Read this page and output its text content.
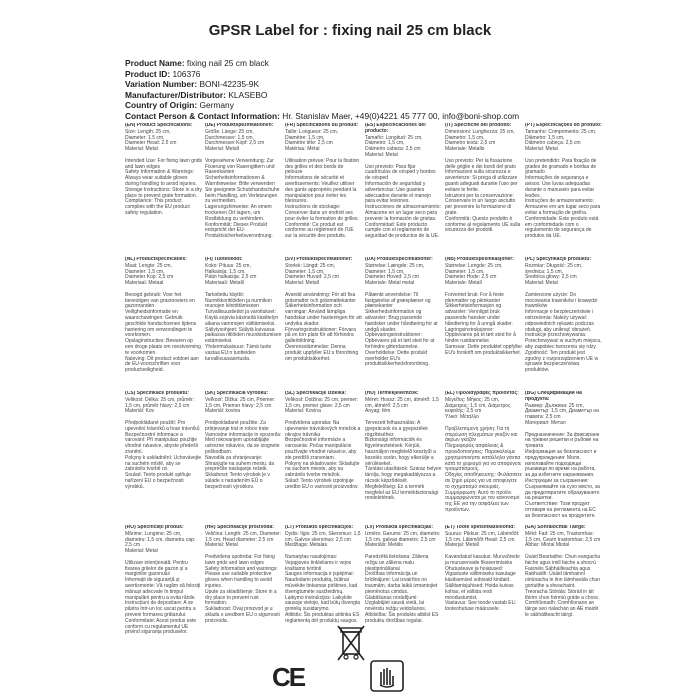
GPSR Label for : fixing nail 25 cm black
Product Name: fixing nail 25 cm black
Product ID: 106376
Variation Number: BONI-42235-9K
Manufacturer/Distributor: KLASEBO
Country of Origin: Germany
Contact Person & Contact Information: Hr. Stanislav Maer, +49(0)4221 45 777 00, info@boni-shop.com
(EN) Product Specifications:
Size: Length: 25 cm,
Diameter: 1.5 cm,
Diameter Head: 2.5 cm
Material: Metal

Intended Use: For fixing lawn grids and lawn edges
Safety Information & Warnings: Always wear suitable gloves during handling to avoid injuries.
Storage Instructions: Store in a dry place to prevent grate formation.
Compliance: This product complies with the EU product safety regulation.
(DE) Produktspezifikationen:
Größe: Länge: 25 cm,
Durchmesser: 1,5 cm,
Durchmesser Kopf: 2,5 cm
Material: Metall

Vorgesehene Verwendung: Zur Fixierung von Rasengittern und Rasenkanten
Sicherheitsinformationen & Warnhinweise: Bitte verwenden Sie geeignete Schutzhandschuhe beim Handling, um Verletzungen zu vermeiden.
Lagerungshinweise: An einem trockenen Ort lagern, um Rostbildung zu verhindern.
Konformität: Dieses Produkt entspricht der EU-Produktsicherheitsverordnung.
(FR) Spécifications du produit:
Taille: Longueur: 25 cm,
Diamètre: 1,5 cm,
Diamètre tête: 2,5 cm
Matériau: Métal

Utilisation prévue: Pour la fixation des grilles et des bords de pelouse
Informations de sécurité et avertissements: Veuillez utiliser des gants appropriés pendant la manipulation pour éviter les blessures.
Instructions de stockage: Conserver dans un endroit sec pour éviter la formation de grilles.
Conformité: Ce produit est conforme au règlement de l'UE sur la sécurité des produits.
(ES) Especificaciones del producto:
Tamaño: Longitud: 25 cm,
Diámetro: 1,5 cm,
Diámetro cabeza: 2,5 cm
Material: Metal

Uso previsto: Para fijar cuadrículas de césped y bordes de césped
Información de seguridad y advertencias: Use guantes adecuados durante el manejo para evitar lesiones.
Instrucciones de almacenamiento: Almacene en un lugar seco para prevenir la formación de grietas.
Conformidad: Este producto cumple con el reglamento de seguridad de productos de la UE.
(IT) Specifiche del prodotto:
Dimensioni: Lunghezza: 25 cm,
Diametro: 1,5 cm,
Diametro testa: 2,5 cm
Materiale: Metallo

Uso previsto: Per la fissazione delle griglie e dei bordi del prato
Informazioni sulla sicurezza e avvertenze: Si prega di utilizzare guanti adeguati durante l'uso per evitare le ferite.
Istruzioni per la conservazione: Conservare in un luogo asciutto per prevenire la formazione di grate.
Conformità: Questo prodotto è conforme al regolamento UE sulla sicurezza dei prodotti.
(PT) Especificações do produto:
Tamanho: Comprimento: 25 cm, Diâmetro: 1,5 cm,
Diâmetro cabeça: 2,5 cm
Material: Metal

Uso pretendido: Para fixação de grades de gramado e bordas de gramado
Informações de segurança e avisos: Use luvas adequadas durante o manuseio para evitar lesões.
Instruções de armazenamento: Armazene em um lugar seco para evitar a formação de grelha.
Conformidade: Este produto está em conformidade com o regulamento de segurança de produtos da UE.
(NL) Productspecificaties:
Maat: Lengte: 25 cm,
Diameter: 1,5 cm,
Diameter Kop: 2,5 cm
Materiaal: Metaal

Beoogd gebruik: Voor het bevestigen van grasroosters en gazonranden
Veiligheidsinformatie en waarschuwingen: Gebruik geschikte handschoenen tijdens hantering om verwondingen te voorkomen.
Opslaginstructies: Bewaren op een droge plaats om roestvorming te voorkomen.
Naleving: Dit product voldoet aan de EU-voorschriften voor productveiligheid.
(FI) Tuotetiedot:
Koko: Pituus: 25 cm,
Halkaisija: 1,5 cm,
Pään halkaisija: 2,5 cm
Materiaali: Metalli

Tarkoitettu käyttö: Nurmikkoritilöiden ja nurmikon reunojen kiinnittämiseen
Turvallisuustiedot ja varoitukset: Käytä sopivia käsineitä käsittelyn aikana vammojen välttämiseksi.
Säilytysohjeet: Säilytä kuivassa paikassa ritilöiden muodostumisen estämiseksi.
Yhdenmukaisuus: Tämä tuote vastaa EU:n tuotteiden turvallisuusasetusta.
(SV) Produktspecifikationer:
Storlek: Längd: 25 cm,
Diameter: 1,5 cm,
Diameter Huvud: 2,5 cm
Material: Metall

Avsedd användning: För att fixa gräsmattor och gräsmattekanter
Säkerhetsinformation och varningar: Använd lämpliga handskar under hanteringen för att undvika skador.
Förvaringsinstruktioner: Förvara på en torr plats för att förhindra gallerbildning.
Överensstämmelse: Denna produkt uppfyller EU:s förordning om produktsäkerhet.
(DA) Produktspecifikationer:
Størrelse: Længde: 25 cm,
Diameter: 1,5 cm,
Diameter Hoved: 2,5 cm
Materiale: Metal metal

Påtænkt anvendelse: Til fastgørelse af græsplæner og plænekanter
Sikkerhedsinformation og advarsler: Brug passende handsker under håndtering for at undgå skader.
Opbevaringsinstruktioner: Opbevares på et tørt sted for at forhindre gitterdannelse.
Overholdelse: Dette produkt overholder EU's produktsikkerhedsforordning.
(NB) Produktspesifikasjoner:
Størrelse: Lengde: 25 cm,
Diameter: 1,5 cm,
Diameter Hode: 2,5 cm
Materiale: Metall

Forventet bruk: For å feste plenmatter og plenkanter
Sikkerhetsinformasjon og advarsler: Vennligst bruk passende hansker under håndtering for å unngå skader.
Lagringsinstruksjoner: Oppbevares på et tørt sted for å hindre rustdannelse.
Samsvar: Dette produktet oppfyller EU's forskrift om produktsikkerhet.
(PL) Specyfikacje produktu:
Rozmiar: Długość: 25 cm, średnica: 1,5 cm,
Średnica głowy: 2,5 cm
Materiał: Metal

Zamierzone użycie: Do mocowania trawników i krawędzi trawników
Informacje o bezpieczeństwie i ostrzeżenia: Należy używać odpowiednich rękawic podczas obsługi, aby uniknąć obrażeń.
Instrukcje przechowywania: Przechowywać w suchym miejscu, aby zapobiec tworzeniu się rdzy.
Zgodność: Ten produkt jest zgodny z rozporządzeniem UE w sprawie bezpieczeństwa produktów.
(CS) Specifikace produktu:
Velikost: Délka: 25 cm, průměr: 1,5 cm, průměr hlavy: 2,5 cm
Materiál: Kov

Předpokládané použití: Pro upevnění trávníků a hran trávníků
Bezpečnostní informace a varování: Při manipulaci použijte vhodné rukavice, abyste předešli zranění.
Pokyny k uskladnění: Uchovávejte na suchém místě, aby se zabránilo tvorbě rzi.
Soulad: Tento produkt splňuje nařízení EU o bezpečnosti výrobků.
(SK) Špecifikácia výrobku:
Veľkosť: Dĺžka: 25 cm, Priemer: 1,5 cm, Priemer hlavy: 2,5 cm
Materiál: kovina

Predpokladané použitie: Za pritrjevanje trat in robov trate
Varnostne informacije in opozorila: Med rokovanjem uporabljajte ustrezne rokavice, da se izognete poškodbam.
Navodila za shranjevanje: Shranjujte na suhem mestu, da preprečite nastajanje rešetk.
Skladnost: Tento výrobok je v súlade s nariadením EÚ o bezpečnosti výrobkov.
(SL) Specifikacije izdelka:
Velikost: Dolžina: 25 cm, premer: 1,5 cm, premer glave: 2,5 cm
Material: Kovina

Predvidena uporaba: Na upevnenie trávnikových mriežok a okrajov trávnika
Bezpečnostné informácie a varovania: Počas manipulácie používajte vhodné rukavice, aby ste predišli zraneniam.
Pokyny na skladovanie: Skladujte na suchom mieste, aby sa zabránilo tvorbe mriežok.
Súlad: Tento výrobek izpolnjuje uredbo EU o varnosti proizvodov.
(HU) Termékjellemzők:
Méret: Hossz: 25 cm, átmérő: 1,5 cm, átmérő: 2,5 cm
Anyag: fém

Tervezett felhasználás: A gyeprácsok és a gyepszélek rögzítéséhez
Biztonsági információk és figyelmeztetések: Kérjük, használjon megfelelő kesztyűt a kezelés során, hogy elkerülje a sérüléseket.
Tárolási utasítások: Száraz helyen tárolja, hogy megakadályozza a rácsok képződését.
Megfelelőség: Ez a termék megfelel az EU termékbiztonsági rendeletének.
(EL) Προδιαγραφές προϊόντος:
Μέγεθος: Μήκος: 25 cm, Διάμετρος: 1,5 cm, Διάμετρος κεφαλής: 2,5 cm
Υλικό: Μέταλλο

Προβλεπόμενη χρήση: Για τη στερέωση πλεγμάτων γκαζόν και άκρων γκαζόν
Πληροφορίες ασφάλειας & προειδοποιήσεις: Παρακαλούμε χρησιμοποιήστε κατάλληλα γάντια κατά το χειρισμό για να αποφύγετε τραυματισμούς.
Οδηγίες αποθήκευσης: Φυλάσσετε σε ξηρό μέρος για να αποφύγετε το σχηματισμό σκουριάς.
Συμμόρφωση: Αυτό το προϊόν συμμορφώνεται με τον κανονισμό της ΕΕ για την ασφάλεια των προϊόντων.
(BG) Спецификации на продукта:
Размер: Дължина: 25 cm, Диаметър: 1,5 cm, Диаметър на главата: 2,5 cm
Материал: Метал

Предназначение: За фиксиране на тревни решетки и ръбове на тревата
Информация за безопасност и предупреждения: Моля, използвайте подходящи ръкавици по време на работа, за да избегнете наранявания.
Инструкции за съхранение: Съхранявайте на сухо място, за да предотвратите образуването на решетки.
Съответствие: Този продукт отговаря на регламента на ЕС за безопасност на продуктите.
(RO) Specificații produs:
Mărime: Lungime: 25 cm, diametru: 1,5 cm, diametru cap: 2,5 cm
Material: Metal

Utilizare intenționată: Pentru fixarea grilelor de gazon și a marginilor gazonului
Informații de siguranță și avertismente: Vă rugăm să folosiți mănuși adecvate în timpul manipulării pentru a evita rănile.
Instrucțiuni de depozitare: A se păstra într-un loc uscat pentru a preveni formarea grătarului.
Conformitate: Acest produs este conform cu regulamentul UE privind siguranța produselor.
(HR) Specifikacije proizvoda:
Veličina: Length: 25 cm, Diameter: 1.5 cm, Head diameter: 2.5 cm
Material: Metal

Predviđena upotreba: For fixing lawn grids and lawn edges
Safety information and warnings: Please use suitable protective gloves when handling to avoid injuries.
Upute za skladištenje: Store in a dry place to prevent rust formation.
Sukladnost: Ovaj proizvod je u skladu s uredbom EU o sigurnosti proizvoda.
(LT) Produkto specifikacijos:
Dydis: Ilgis: 25 cm, Skersmuo: 1,5 cm, Galvos skersmuo: 2,5 cm
Medžiaga: Metalas

Numatytas naudojimas: Vejapjovės tinkleliams ir vejos kraštams tvirtinti
Saugos informacija ir įspėjimai: Naudodami produktą, būtinai mūvėkite tinkamas pirštines, kad išvengtumėte susižeidimų.
Laikymo instrukcijos: Laikykite sausoje vietoje, kad būtų išvengta grotelių susidarymo.
Atitiktis: Šis produktas atitinka ES reglamentą dėl produktų saugos.
(LV) Produkta specifikācijas:
Izmērs: Garums: 25 cm, diametrs: 1,5 cm, galvas diametrs: 2,5 cm
Materiāls: Metāls

Paredzētā lietošana: Zāliena režģu un zāliena malu piestiprināšanai
Drošības informācija un brīdinājumi: Lai izvairītos no traumām, darba laikā izmantojiet piemērotus cimdus.
Glabāšanas norādījumi: Uzglabājiet sausā vietā, lai novērstu režģu veidošanos.
Atbilstība: Šis produkts atbilst ES produktu drošības regulai.
(ET) Toote spetsifikatsioonid:
Suurus: Pikkus: 25 cm, Läbimõõt: 1,5 cm, Läbimõõt Head: 2,5 cm
Materjal: Metall

Kavandatud kasutus: Muruvõrede ja muruservade fikseerimiseks
Ohutusteave ja hoiatused: Vigastuste vältimiseks kasutage käsitsemisel sobivaid kindaid.
Säilitamisjuhised: Hoida kuivas kohas, et vältida resti moodustumist.
Vastavus: See toode vastab ELi tooteohutuse määrusele.
(GA) Sonraíochtaí Táirge:
Méid: Fad: 25 cm, Trastomhas: 1,5 cm, Cearn trastomhas: 2,5 cm
Ábhar: Miotal Miotal

Úsáid Beartaithe: Chun eangacha faiche agus imill faiche a shocrú
Faisnéis Sábháilteachta agus Rabhaidh: Úsáid lámhainní oiriúnacha le linn láimhseála chun gortuithe a sheachaint.
Treoracha Stórála: Stóráil in áit thirim chun foirmiú gráite a chosc.
Comhlíonadh: Comhlíonann an táirge seo rialachán an AE maidir le sábháilteacht táirgí.
CE
